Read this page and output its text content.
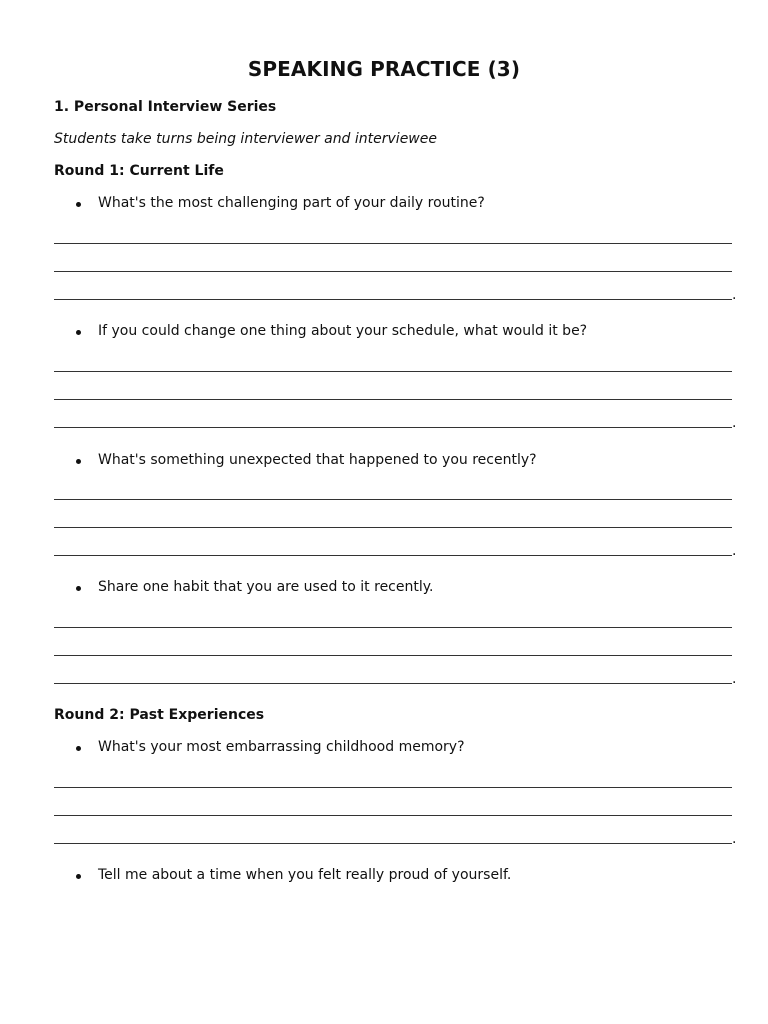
SPEAKING PRACTICE (3)
1. Personal Interview Series
Students take turns being interviewer and interviewee
Round 1: Current Life
What's the most challenging part of your daily routine?
.
If you could change one thing about your schedule, what would it be?
.
What's something unexpected that happened to you recently?
.
Share one habit that you are used to it recently.
.
Round 2: Past Experiences
What's your most embarrassing childhood memory?
.
Tell me about a time when you felt really proud of yourself.
